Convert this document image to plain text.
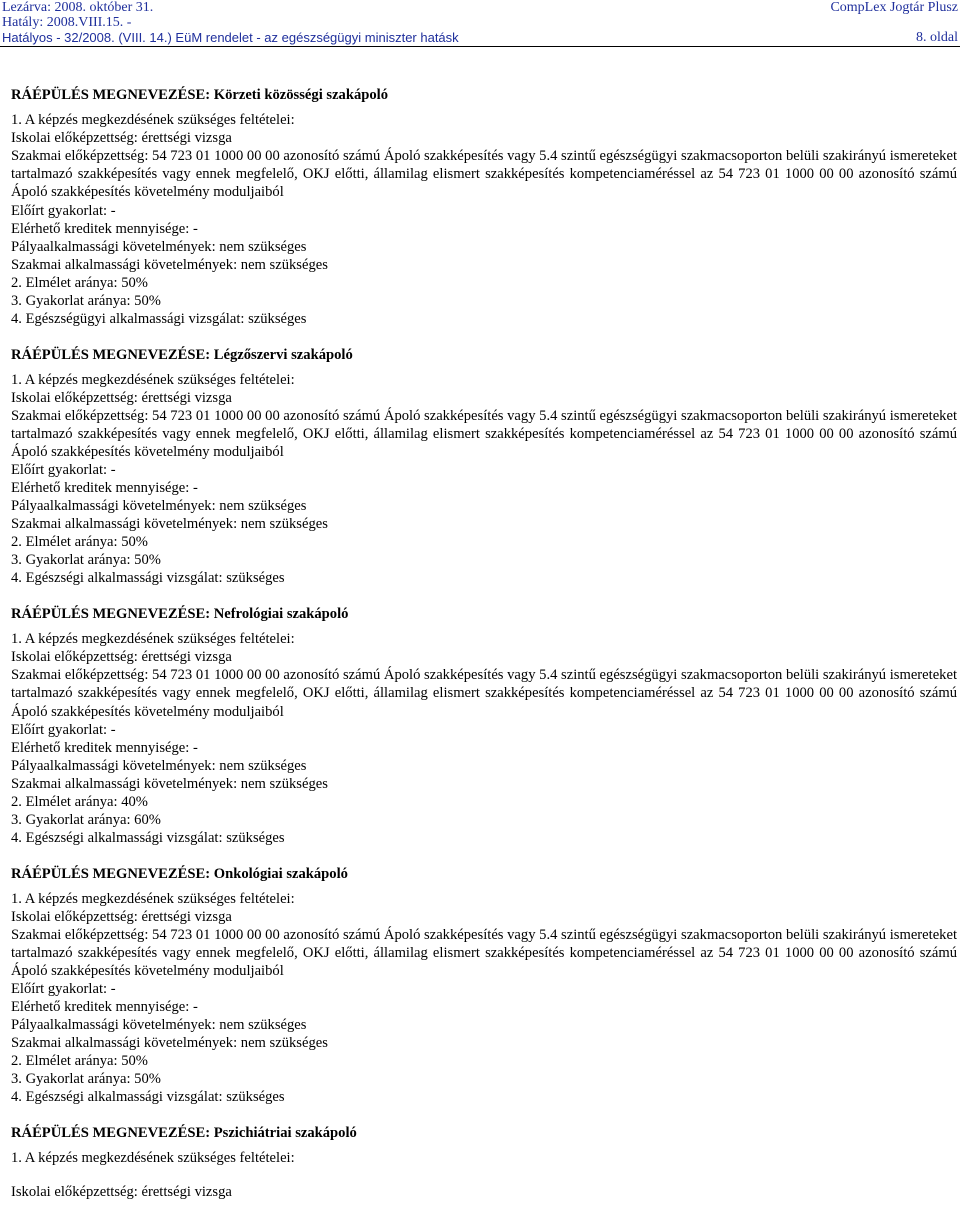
Lezárva: 2008. október 31.
Hatály: 2008.VIII.15. -
Hatályos - 32/2008. (VIII. 14.) EüM rendelet - az egészségügyi miniszter hatásk
CompLex Jogtár Plusz
8. oldal
RÁÉPÜLÉS MEGNEVEZÉSE: Körzeti közösségi szakápoló
1. A képzés megkezdésének szükséges feltételei:
Iskolai előképzettség: érettségi vizsga
Szakmai előképzettség: 54 723 01 1000 00 00 azonosító számú Ápoló szakképesítés vagy 5.4 szintű egészségügyi szakmacsoporton belüli szakirányú ismereteket tartalmazó szakképesítés vagy ennek megfelelő, OKJ előtti, államilag elismert szakképesítés kompetenciaméréssel az 54 723 01 1000 00 00 azonosító számú Ápoló szakképesítés követelmény moduljaiból
Előírt gyakorlat: -
Elérhető kreditek mennyisége: -
Pályaalkalmassági követelmények: nem szükséges
Szakmai alkalmassági követelmények: nem szükséges
2. Elmélet aránya: 50%
3. Gyakorlat aránya: 50%
4. Egészségügyi alkalmassági vizsgálat: szükséges
RÁÉPÜLÉS MEGNEVEZÉSE: Légzőszervi szakápoló
1. A képzés megkezdésének szükséges feltételei:
Iskolai előképzettség: érettségi vizsga
Szakmai előképzettség: 54 723 01 1000 00 00 azonosító számú Ápoló szakképesítés vagy 5.4 szintű egészségügyi szakmacsoporton belüli szakirányú ismereteket tartalmazó szakképesítés vagy ennek megfelelő, OKJ előtti, államilag elismert szakképesítés kompetenciaméréssel az 54 723 01 1000 00 00 azonosító számú Ápoló szakképesítés követelmény moduljaiból
Előírt gyakorlat: -
Elérhető kreditek mennyisége: -
Pályaalkalmassági követelmények: nem szükséges
Szakmai alkalmassági követelmények: nem szükséges
2. Elmélet aránya: 50%
3. Gyakorlat aránya: 50%
4. Egészségi alkalmassági vizsgálat: szükséges
RÁÉPÜLÉS MEGNEVEZÉSE: Nefrológiai szakápoló
1. A képzés megkezdésének szükséges feltételei:
Iskolai előképzettség: érettségi vizsga
Szakmai előképzettség: 54 723 01 1000 00 00 azonosító számú Ápoló szakképesítés vagy 5.4 szintű egészségügyi szakmacsoporton belüli szakirányú ismereteket tartalmazó szakképesítés vagy ennek megfelelő, OKJ előtti, államilag elismert szakképesítés kompetenciaméréssel az 54 723 01 1000 00 00 azonosító számú Ápoló szakképesítés követelmény moduljaiból
Előírt gyakorlat: -
Elérhető kreditek mennyisége: -
Pályaalkalmassági követelmények: nem szükséges
Szakmai alkalmassági követelmények: nem szükséges
2. Elmélet aránya: 40%
3. Gyakorlat aránya: 60%
4. Egészségi alkalmassági vizsgálat: szükséges
RÁÉPÜLÉS MEGNEVEZÉSE: Onkológiai szakápoló
1. A képzés megkezdésének szükséges feltételei:
Iskolai előképzettség: érettségi vizsga
Szakmai előképzettség: 54 723 01 1000 00 00 azonosító számú Ápoló szakképesítés vagy 5.4 szintű egészségügyi szakmacsoporton belüli szakirányú ismereteket tartalmazó szakképesítés vagy ennek megfelelő, OKJ előtti, államilag elismert szakképesítés kompetenciaméréssel az 54 723 01 1000 00 00 azonosító számú Ápoló szakképesítés követelmény moduljaiból
Előírt gyakorlat: -
Elérhető kreditek mennyisége: -
Pályaalkalmassági követelmények: nem szükséges
Szakmai alkalmassági követelmények: nem szükséges
2. Elmélet aránya: 50%
3. Gyakorlat aránya: 50%
4. Egészségi alkalmassági vizsgálat: szükséges
RÁÉPÜLÉS MEGNEVEZÉSE: Pszichiátriai szakápoló
1. A képzés megkezdésének szükséges feltételei:
Iskolai előképzettség: érettségi vizsga
